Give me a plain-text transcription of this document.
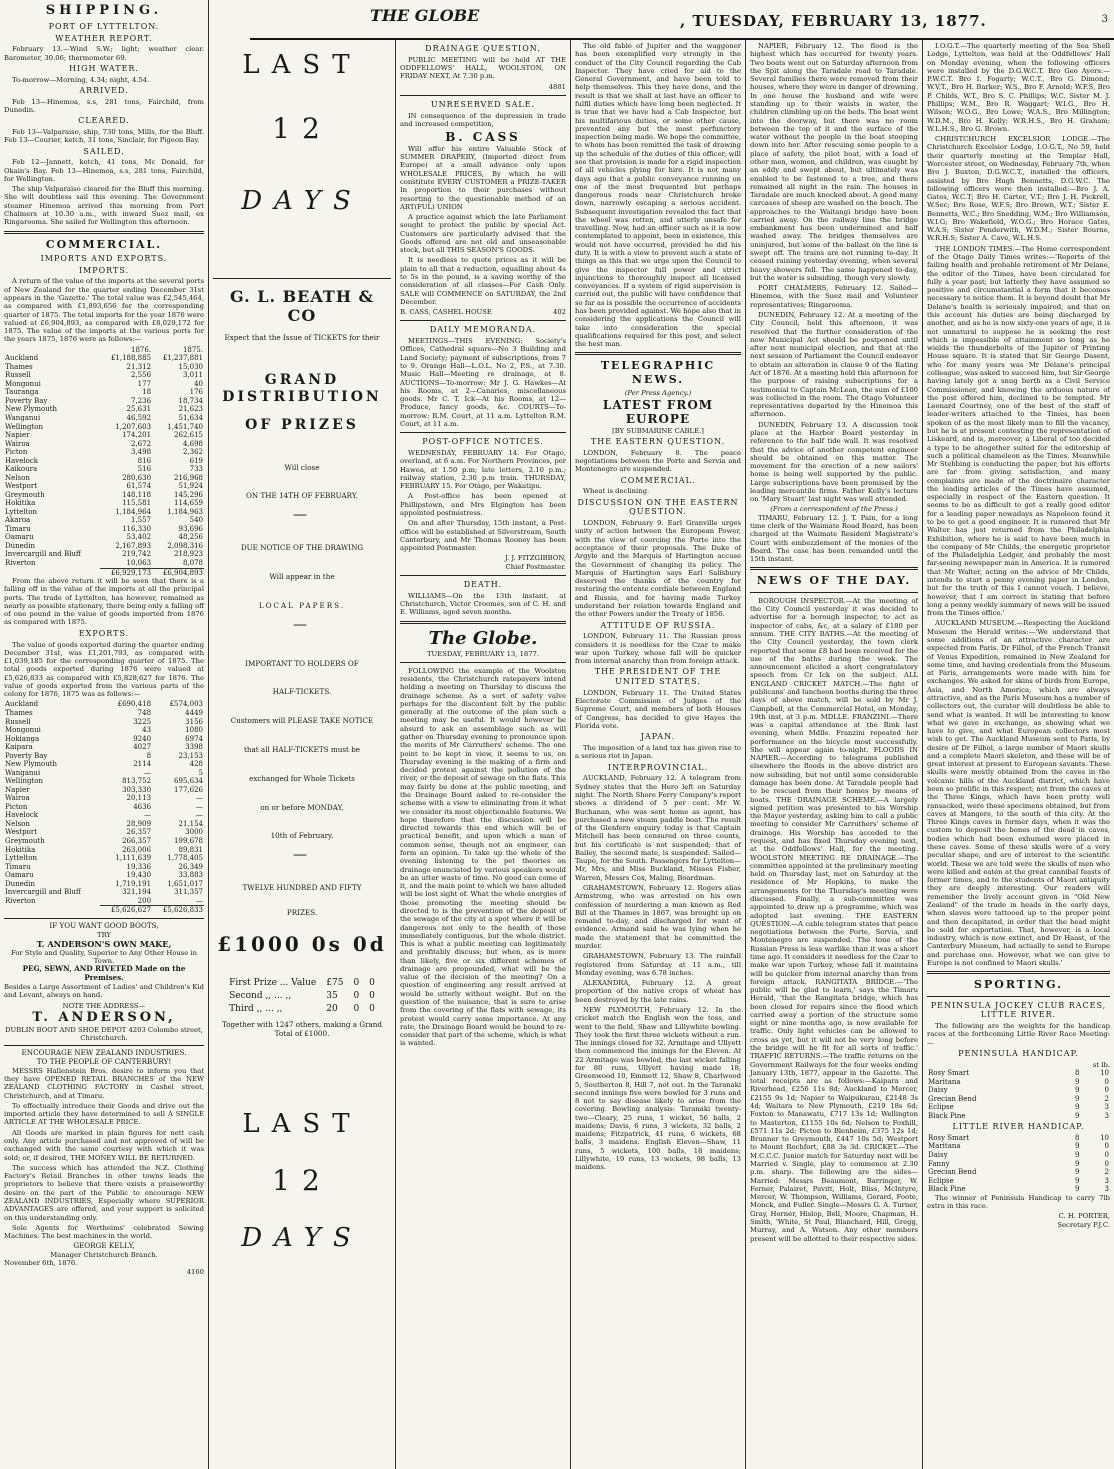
THE GLOBE	, TUESDAY, FEBRUARY 13, 1877.	3
SHIPPING.
PORT OF LYTTELTON.
WEATHER REPORT.
February 13.—Wind S.W.; light; weather clear. Barometer, 30.06; thermometer 69.
HIGH WATER.
To-morrow—Morning, 4.34; night, 4.54.
ARRIVED.
Feb 13—Hinemoa, s.s, 281 tons, Fairchild, from Dunedin.
CLEARED.
Feb 13—Valparaiso, ship, 730 tons, Mills, for the Bluff. Feb 13—Courier, ketch, 31 tons, Sinclair, for Pigeon Bay.
SAILED.
Feb 12—Jannett, ketch, 41 tons, Mc Donald, for Okain's Bay. Feb 13—Hinemoa, s.s, 281 tons, Fairchild, for Wellington.
The ship Valparaiso cleared for the Bluff this morning. She will doubtless sail this evening. The Government steamer Hinemoa arrived this morning from Port Chalmers at 10.30 a.m., with inward Suez mail, ex Ringarooma. She sailed for Wellington this afternoon.
COMMERCIAL.
IMPORTS AND EXPORTS.
IMPORTS.
A return of the value of the imports at the several ports of New Zealand for the quarter ending December 31st appears in the 'Gazette.' The total value was £2,545,464, as compared with £1,893,656 for the corresponding quarter of 1875. The total imports for the year 1876 were valued at £6,904,893, as compared with £8,029,172 for 1875. The value of the imports at the various ports for the years 1875, 1876 were as follows:—
	1876.	1875.
Auckland	£1,188,885	£1,237,881
Thames	21,312	15,030
Russell	2,556	3,011
Mongonui	177	40
Tauranga	18	176
Poverty Bay	7,236	18,734
New Plymouth	25,631	21,623
Wanganui	46,592	51,634
Wellington	1,207,603	1,451,740
Napier	174,201	262,615
Wairoa	2,672	4,698
Picton	3,498	2,362
Havelock	816	619
Kaikoura	516	733
Nelson	280,630	216,968
Westport	61,574	51,924
Greymouth	148,118	145,296
Hokitika	115,581	114,659
Lyttelton	1,184,964	1,184,963
Akaroa	1,557	540
Timaru	116,330	93,696
Oamaru	53,402	48,256
Dunedin	2,167,893	2,098,316
Invercargill and Bluff	219,742	218,923
Riverton	10,063	8,078
	£6,929,173	£6,904,893
From the above return it will be seen that there is a falling off in the value of the imports at all the principal ports. The trade of Lyttelton, has however, remained as nearly as possible stationary, there being only a falling off of one pound in the value of goods imported from 1876 as compared with 1875.
EXPORTS.
The value of goods exported during the quarter ending December 31st, was £1,201,793, as compared with £1,039,185 for the corresponding quarter of 1875. The total goods exported during 1876 were valued at £5,626,833 as compared with £5,828,627 for 1876. The value of goods exported from the various parts of the colony for 1876, 1875 was as follows:—
Auckland	£690,418	£574,003
Thames	748	4449
Russell	3225	3156
Mongonui	43	1080
Hokianga	9240	6974
Kaipara	4027	3398
Poverty Bay	8	23,153
New Plymouth	2114	428
Wanganui	—	5
Wellington	813,752	695,634
Napier	303,330	177,626
Wairoa	20,113	—
Picton	4636	—
Havelock	—	—
Nelson	28,909	21,154
Westport	26,357	3000
Greymouth	266,357	199,678
Hokitika	263,006	89,831
Lyttelton	1,111,639	1,778,405
Timaru	19,336	26,349
Oamaru	19,430	33,883
Dunedin	1,719,191	1,651,017
Invercargill and Bluff	321,194	311,357
Riverton	200	—
	£5,626,627	£5,626,833
IF YOU WANT GOOD BOOTS,
TRY
T. ANDERSON'S OWN MAKE,
For Style and Quality, Superior to Any Other House in Town.
PEG, SEWN, AND RIVETED Made on the Premises.
Besides a Large Assortment of Ladies' and Children's Kid and Levant, always on hand.
NOTE THE ADDRESS—
T. ANDERSON,
DUBLIN BOOT AND SHOE DEPOT 4203 Colombo street, Christchurch.
ENCOURAGE NEW ZEALAND INDUSTRIES.
TO THE PEOPLE OF CANTERBURY!
MESSRS Hallenstein Bros. desire to inform you that they have OPENED RETAIL BRANCHES of the NEW ZEALAND CLOTHING FACTORY in Cashel street, Christchurch, and at Timaru.
To effectually introduce their Goods and drive out the imported article they have determined to sell A SINGLE ARTICLE AT THE WHOLESALE PRICE.
All Goods are marked in plain figures for nett cash only. Any article purchased and not approved of will be exchanged with the same courtesy with which it was sold; or, if desired, THE MONEY WILL BE RETURNED.
The success which has attended the N.Z. Clothing Factory's Retail Branches in other towns leads the proprietors to believe that there exists a praiseworthy desire on the part of the Public to encourage NEW ZEALAND INDUSTRIES, Especially where SUPERIOR ADVANTAGES are offered, and your support is solicited on this understanding only.
Sole Agents for Wertheims' celebrated Sewing Machines. The best machines in the world.
GEORGE KELLY,
Manager Christchurch Branch.
November 6th, 1876.
4160
LAST
12
DAYS
G. L. BEATH & CO
Expect that the Issue of TICKETS for their
GRAND DISTRIBUTION
OF PRIZES
Will close
ON THE 14TH OF FEBRUARY.
—
DUE NOTICE OF THE DRAWING
Will appear in the
LOCAL PAPERS.
—
IMPORTANT TO HOLDERS OF
HALF-TICKETS.
Customers will PLEASE TAKE NOTICE
that all HALF-TICKETS must be
exchanged for Whole Tickets
on or before MONDAY,
10th of February.
—
TWELVE HUNDRED AND FIFTY
PRIZES.
£1000 0s 0d
First Prize ... Value	£75	0	0
Second ,, ... ,,	35	0	0
Third ,, ... ,,	20	0	0
Together with 1247 others, making a Grand Total of £1000.
LAST
12
DAYS
DRAINAGE QUESTION.
PUBLIC MEETING will be held AT THE ODDFELLOWS' HALL, WOOLSTON, ON FRIDAY NEXT, At 7.30 p.m.
4881
UNRESERVED SALE.
IN consequence of the depression in trade and increased competition,
B. CASS
Will offer his entire Valuable Stock of SUMMER DRAPERY, (Imported direct from Europe) at a small advance only upon WHOLESALE PRICES, By which he will constitute EVERY CUSTOMER a PRIZE-TAKER In proportion to their purchases without resorting to the questionable method of an ART(FUL) UNION
A practice against which the late Parliament sought to protect the public by special Act. Customers are particularly advised that the Goods offered are not old and unseasonable stock, but all THIS SEASON'S GOODS.
It is needless to quote prices as it will be plain to all that a reduction, equalling about 4s to 5s in the pound, is a saving worthy of the consideration of all classes—For Cash Only. SALE will COMMENCE on SATURDAY, the 2nd December.
B. CASS, CASHEL HOUSE	402
DAILY MEMORANDA.
MEETINGS—THIS EVENING: Society's Offices, Cathedral square—No 3 Building and Land Society; payment of subscriptions, from 7 to 9. Orange Hall—L.O.L. No 2, P.S., at 7.30. Music Hall—Meeting re drainage, at 8. AUCTIONS—To-morrow: Mr J. G. Hawkes—At his Rooms, at 2—Canaries, miscellaneous goods. Mr C. T. Ick—At his Rooms, at 12—Produce, fancy goods, &c. COURTS—To-morrow: R.M. Court, at 11 a.m. Lyttelton R.M. Court, at 11 a.m.
POST-OFFICE NOTICES.
WEDNESDAY, FEBRUARY 14. For Otago, overland, at 6 a.m. For Northern Provinces, per Hawea, at 1.50 p.m; late letters, 2.10 p.m.; railway station, 2.30 p.m train. THURSDAY, FEBRUARY 15. For Otago, per Wakatipu.
A Post-office has been opened at Phillipstown, and Mrs Elgington has been appointed postmistress.
On and after Thursday, 15th instant, a Post-office will be established at Silverstream, South Canterbury, and Mr Thomas Rooney has been appointed Postmaster.
J. J. FITZGIBBON,
Chief Postmaster.
DEATH.
WILLIAMS—On the 13th instant, at Christchurch, Victor Croomes, son of C. H. and E. Williams, aged seven months.
The Globe.
TUESDAY, FEBRUARY 13, 1877.
FOLLOWING the example of the Woolston residents, the Christchurch ratepayers intend holding a meeting on Thursday to discuss the drainage scheme. As a sort of safety valve perhaps for the discontent felt by the public generally at the outcome of the plan such a meeting may be useful. It would however be absurd to ask an assemblage such as will gather on Thursday evening to pronounce upon the merits of Mr Carruthers' scheme. The one point to be kept in view, it seems to us, on Thursday evening is the making of a firm and decided protest against the pollution of the river, or the deposit of sewage on the flats. This may fairly be done at the public meeting, and the Drainage Board asked to re-consider the scheme with a view to eliminating from it what we consider its most objectionable features. We hope therefore that the discussion will be directed towards this end which will be of practical benefit, and upon which a man of common sense, though not an engineer, can form an opinion. To take up the whole of the evening listening to the pet theories on drainage enunciated by various speakers would be an utter waste of time. No good can come of it, and the main point to which we have alluded will be lost sight of. What the whole energies of those promoting the meeting should be directed to is the prevention of the deposit of the sewage of the city at a spot where it will be dangerous not only to the health of those immediately contiguous, but the whole district. This is what a public meeting can legitimately and profitably discuss; but when, as is more than likely, five or six different schemes of drainage are propounded, what will be the value of the decision of the meeting? On a question of engineering any result arrived at would be utterly without weight. But on the question of the nuisance, that is sure to arise from the covering of the flats with sewage, its protest would carry some importance. At any rate, the Drainage Board would be bound to re-consider that part of the scheme, which is what is wanted.
The old fable of Jupiter and the waggoner has been exemplified very strongly in the conduct of the City Council regarding the Cab Inspector. They have cried for aid to the General Government, and have been told to help themselves. This they have done, and the result is that we shall at last have an officer to fulfil duties which have long been neglected. It is true that we have had a Cab Inspector, but his multifarious duties, or some other cause, prevented any but the most perfunctory inspection being made. We hope the committee, to whom has been remitted the task of drawing up the schedule of the duties of this officer, will see that provision is made for a rigid inspection of all vehicles plying for hire. It is not many days ago that a public conveyance running on one of the most frequented but perhaps dangerous roads near Christchurch broke down, narrowly escaping a serious accident. Subsequent investigation revealed the fact that the wheel was rotten, and utterly unsafe for travelling. Now, had an officer such as it is now contemplated to appoint, been in existence, this would not have occurred, provided he did his duty. It is with a view to prevent such a state of things as this that we urge upon the Council to give the inspector full power and strict injunctions to thoroughly inspect all licensed conveyances. If a system of rigid supervision is carried out, the public will have confidence that so far as is possible the occurrence of accidents has been provided against. We hope also that in considering the applications the Council will take into consideration the special qualifications required for this post, and select the best man.
TELEGRAPHIC NEWS.
(Per Press Agency.)
LATEST FROM EUROPE
[BY SUBMARINE CABLE.]
THE EASTERN QUESTION.
LONDON, February 8. The peace negotiations between the Porte and Servia and Montenegro are suspended.
COMMERCIAL.
Wheat is declining.
DISCUSSION ON THE EASTERN QUESTION.
LONDON, February 9. Earl Granville urges unity of action between the European Power, with the view of coercing the Porte into the acceptance of their proposals. The Duke of Argyle and the Marquis of Hartington accuse the Government of changing its policy. The Marquis of Hartington says Earl Salisbury deserved the thanks of the country for restoring the entente cordiale between England and Russia, and for having made Turkey understand her relation towards England and the other Powers under the Treaty of 1856.
ATTITUDE OF RUSSIA.
LONDON, February 11. The Russian press considers it is needless for the Czar to make war upon Turkey, whose fall will be quicker from internal anarchy than from foreign attack.
THE PRESIDENT OF THE UNITED STATES.
LONDON, February 11. The United States Electorate Commission of Judges of the Supreme Court, and members of both Houses of Congress, has decided to give Hayes the Florida vote.
JAPAN.
The imposition of a land tax has given rise to a serious riot in Japan.
INTERPROVINCIAL.
AUCKLAND, February 12. A telegram from Sydney states that the Hero left on Saturday night. The North Shore Ferry Company's report shows a dividend of 5 per cent. Mr W. Buchanan, who was sent home as agent, has purchased a new steam paddle boat. The result of the Glenfern enquiry today is that Captain Mitchell has been censured on three counts, but his certificate is not suspended; that of Bailey, the second mate, is suspended. Sailed—Taupo, for the South. Passengers for Lyttelton—Mr, Mrs, and Miss Buckland, Misses Fisher, Warren, Messrs Cox, Maling, Boardman.
GRAHAMSTOWN, February 12. Rogers alias Armstrong, who was arrested on his own confession of murdering a man known as Red Bill at the Thames in 1867, was brought up on remand to-day, and discharged for want of evidence. Armand said he was lying when he made the statement that he committed the murder.
GRAHAMSTOWN, February 13. The rainfall registered from Saturday at 11 a.m., till Monday evening, was 6.78 inches.
ALEXANDRA, February 12. A great proportion of the native crops of wheat has been destroyed by the late rains.
NEW PLYMOUTH, February 12. In the cricket match the English won the toss, and went to the field, Shaw and Lillywhite bowling. They took the first three wickets without a run. The innings closed for 32. Armitage and Ullyett then commenced the innings for the Eleven. At 22 Armitage was bowled, the last wicket falling for 80 runs, Ullyett having made 18, Greenwood 10, Emmett 12, Shaw 8, Charlwood 5, Southerton 8, Hill 7, not out. In the Taranaki second innings five were bowled for 3 runs and 8 not to say disease likely to arise from the covering. Bowling analysis: Taranaki twenty-two—Cleary, 25 runs, 1 wicket, 56 balls, 2 maidens; Davis, 6 runs, 3 wickets, 32 balls, 2 maidens; Fitzpatrick, 41 runs, 6 wickets, 68 balls, 3 maidens. English Eleven—Shaw, 11 runs, 5 wickets, 100 balls, 18 maidens; Lillywhite, 19 runs, 13 wickets, 98 balls, 13 maidens.
NAPIER, February 12. The flood is the highest which has occurred for twenty years. Two boats went out on Saturday afternoon from the Spit along the Taradale road to Taradale. Several families there were removed from their houses, where they were in danger of drowning. In one house the husband and wife were standing up to their waists in water, the children climbing up on the beds. The boat went into the doorway, but there was no room between the top of it and the surface of the water without the people in the boat stooping down into her. After rescuing some people to a place of safety, the pilot boat, with a load of other men, women, and children, was caught by an eddy and swept about, but ultimately was enabled to be fastened to a tree, and there remained all night in the rain. The houses in Taradale are much knocked about. A good many carcases of sheep are washed on the beach. The approaches to the Waitangi bridge have been carried away. On the railway line the bridge embankment has been undermined and half washed away. The bridges themselves are uninjured, but some of the ballast on the line is swept off. The trains are not running to-day. It ceased raining yesterday evening, when several heavy showers fell. The same happened to-day, but the water is subsiding, though very slowly.
PORT CHALMERS, February 12. Sailed—Hinemoa, with the Suez mail and Volunteer representatives; Ringarooma.
DUNEDIN, February 12. At a meeting of the City Council, held this afternoon, it was resolved that the further consideration of the new Municipal Act should be postponed until after next municipal election, and that at the next session of Parliament the Council endeavor to obtain an alteration in clause 9 of the Rating Act of 1876. At a meeting held this afternoon for the purpose of raising subscriptions for a testimonial to Captain McLean, the sum of £100 was collected in the room. The Otago Volunteer representatives departed by the Hinemoa this afternoon.
DUNEDIN, February 13. A discussion took place at the Harbor Board yesterday in reference to the half tide wall. It was resolved that the advice of another competent engineer should be obtained on this matter. The movement for the erection of a new sailors' home is being well supported by the public. Large subscriptions have been promised by the leading mercantile firms. Father Kelly's lecture on 'Mary Stuart' last night was well attended.
(From a correspondent of the Press.)
TIMARU, February 12. J. T. Pain, for a long time clerk of the Waimate Road Board, has been charged at the Waimate Resident Magistrate's Court with embezzlement of the monies of the Board. The case has been remanded until the 15th instant.
NEWS OF THE DAY.
BOROUGH INSPECTOR.—At the meeting of the City Council yesterday it was decided to advertise for a borough inspector, to act as inspector of cabs, &c, at a salary of £180 per annum. THE CITY BATHS.—At the meeting of the City Council yesterday, the town clerk reported that some £8 had been received for the use of the baths during the week. The announcement elicited a short congratulatory speech from Cr Ick on the subject. ALL ENGLAND CRICKET MATCH.—The fight of publicans' and luncheon booths during the three days of above match, will be sold by Mr J. Campbell, at the Commercial Hotel, on Monday, 19th inst, at 3 p.m. MDLLE. FRANZINI.—There was a capital attendance at the Rink last evening, when Mdlle. Franzini repeated her performance on the bicycle most successfully. She will appear again to-night. FLOODS IN NAPIER.—According to telegrams published elsewhere the floods in the above district are now subsiding, but not until some considerable damage has been done. At Taradale people had to be rescued from their homes by means of boats. THE DRAINAGE SCHEME.—A largely signed petition was presented to his Worship the Mayor yesterday, asking him to call a public meeting to consider Mr Carruthers' scheme of drainage. His Worship has acceded to the request, and has fixed Thursday evening next, at the Oddfellows' Hall, for the meeting. WOOLSTON MEETING RE DRAINAGE.—The committee appointed at the preliminary meeting held on Thursday last, met on Saturday at the residence of Mr Hopkins, to make the arrangements for the Thursday's meeting were discussed. Finally, a sub-committee was appointed to draw up a programme, which was adopted last evening. THE EASTERN QUESTION.—A cable telegram states that peace negotiations between the Porte, Servia, and Montenegro are suspended. The tone of the Russian Press is less warlike than it was a short time ago. It considers it needless for the Czar to make war upon Turkey, whose fall it maintains will be quicker from internal anarchy than from foreign attack. RANGITATA BRIDGE.—'The public will be glad to learn,' says the Timaru Herald, 'that the Rangitata bridge, which has been closed for repairs since the flood which carried away a portion of the structure some eight or nine months ago, is now available for traffic. Only light vehicles can be allowed to cross as yet, but it will not be very long before the bridge will be fit for all sorts of traffic.' TRAFFIC RETURNS.—The traffic returns on the Government Railways for the four weeks ending January 13th, 1877, appear in the Gazette. The total receipts are as follows:—Kaipara and Riverhead, £256 11s 8d; Auckland to Mercer, £2155 9s 1d; Napier to Waipukurau, £2148 3s 4d; Waitara to New Plymouth, £219 18s 6d; Foxton to Manawatu, £717 13s 1d; Wellington to Masterton, £1155 10s 6d; Nelson to Foxhill, £571 11s 2d; Picton to Blenheim, £375 12s 1d; Brunner to Greymouth, £447 10s 5d; Westport to Mount Rochfort, £88 3s 3d. CRICKET.—The M.C.C.C. Junior match for Saturday next will be Married v. Single, play to commence at 2.30 p.m. sharp. The following are the sides—Married: Messrs Beaumont, Barringer, W. Ferner, Palairet, Pavitt, Holt, Bliss, McIntyre, Mercer, W. Thompson, Williams, Gerard, Foote, Monck, and Fuller. Single—Messrs G. A. Turner, Gray, Horner, Hislop, Bell, Moore, Chapman, H. Smith, 'White, St Paul, Blanchard, Hill, Gregg, Murray, and A. Watson. Any other members present will be allotted to their respective sides.
I.O.G.T.—The quarterly meeting of the Sea Shell Lodge, Lyttelton, was held at the Oddfellows' Hall on Monday evening, when the following officers were installed by the D.G.W.C.T. Bro Geo Ayers:—P.W.C.T. Bro I. Fogarty; W.C.T., Bro G. Dimond; W.V.T., Bro H. Barker; W.S., Bro F. Arnold; W.F.S, Bro P. Childs, W.T., Bro S. C. Phillips; W.C. Sister M. J. Phillips; W.M., Bro R. Waggart; W.I.G., Bro H. Wilson; W.O.G., Bro Lowe; W.A.S., Bro Millington; W.D.M., Bro H. Kelly; W.R.H.S., Bro H. Graham; W.L.H.S., Bro G. Brown.
CHRISTCHURCH EXCELSIOR LODGE.—The Christchurch Excelsior Lodge, I.O.G.T., No 59, held their quarterly meeting at the Templar Hall, Worcester street, on Wednesday, February 7th, when Bro J. Buxton, D.G.W.C.T., installed the officers, assisted by Bro Hugh Bennetts, D.G.W.C. The following officers were then installed:—Bro J. A. Gates, W.C.T; Bro H. Carter, V.T.; Bro J. H. Pickrell, W.Sec; Bro Rose, W.F.S; Bro Brown, W.T.; Sister E. Bennetts, W.C.; Bro Snedding, W.M.; Bro Williamson, W.I.G; Bro Wakefield, W.O.G.; Bro Horace Gates, W.A.S; Sister Penderwith, W.D.M.; Sister Bourne, W.R.H.S; Sister A. Cave, W.L.H.S.
THE LONDON TIMES.—The Home correspondent of the Otago Daily Times writes:—'Reports of the failing health and probable retirement of Mr Delane, the editor of the Times, have been circulated for fully a year past; but latterly they have assumed so positive and circumstantial a form that it becomes necessary to notice them. It is beyond doubt that Mr Delane's health is seriously impaired, and that on this account his duties are being discharged by another, and as he is now sixty-one years of age, it is not unnatural to suppose he is seeking the rest which is impossible of attainment so long as he wields the thunderbolts of the Jupiter of Printing House square. It is stated that Sir George Dasent, who for many years was Mr Delane's principal colleague, was asked to succeed him, but Sir George having lately got a snug berth as a Civil Service Commissioner, and knowing the arduous nature of the post offered him, declined to be tempted. Mr Leonard Courtney, one of the best of the staff of leader-writers attached to the Times, has been spoken of as the most likely man to fill the vacancy, but he is at present contesting the representation of Liskeard, and is, moreover, a Liberal of too decided a type to be altogether suited for the editorship of such a political chameleon as the Times. Meanwhile Mr Stebbing is conducting the paper, but his efforts are far from giving satisfaction, and many complaints are made of the doctrinaire character the leading articles of the Times have assumed, especially in respect of the Eastern question. It seems to be as difficult to get a really good editor for a leading paper nowadays as Napoleon found it to be to get a good engineer. It is rumored that Mr Walter has just returned from the Philadelphia Exhibition, where he is said to have been much in the company of Mr Childs, the energetic proprietor of the Philadelphia Ledger, and probably the most far-seeing newspaper man in America. It is rumored that Mr Walter, acting on the advice of Mr Childs, intends to start a penny evening paper in London, but for the truth of this I cannot vouch. I believe, however, that I am correct in stating that before long a penny weekly summary of news will be issued from the Times office.'
AUCKLAND MUSEUM.—Respecting the Auckland Museum the Herald writes:—'We understand that some additions of an attractive character are expected from Paris. Dr Filhol, of the French Transit of Venus Expedition, remained in New Zealand for some time, and having credentials from the Museum at Paris, arrangements were made with him for exchanges. We asked for skins of birds from Europe, Asia, and North America, which are always attractive, and as the Paris Museum has a number of collectors out, the curator will doubtless be able to send what is wanted. It will be interesting to know what we gave in exchange, as showing what we have to give, and what European collectors most wish to get. The Auckland Museum sent to Paris, by desire of Dr Filhol, a large number of Maori skulls and a complete Maori skeleton, and these will be of great interest at present to European savants. These skulls were mostly obtained from the caves in the volcanic hills of the Auckland district, which have been so prolific in this respect; not from the caves at the Three Kings, which have been pretty well ransacked, were these specimens obtained, but from caves at Mangere, to the south of this city. At the Three Kings caves in former days, when it was the custom to deposit the bones of the dead in caves, bodies which had been exhumed were placed in these caves. Some of these skulls were of a very peculiar shape, and are of interest to the scientific world. These we are told were the skulls of men who were killed and eaten at the great cannibal feasts of former times, and to the students of Maori antiquity they are deeply interesting. Our readers will remember the lively account given in "Old New Zealand" of the trade in heads in the early days, when slaves were tattooed up to the proper point and then decapitated, in order that the head might be sold for exportation. That, however, is a local industry, which is now extinct, and Dr Haast, of the Canterbury Museum, had actually to send to Europe and purchase one. However, what we can give to Europe is not confined to Maori skulls.'
SPORTING.
PENINSULA JOCKEY CLUB RACES, LITTLE RIVER.
The following are the weights for the handicap races at the forthcoming Little River Race Meeting:—
PENINSULA HANDICAP.
st lb.
Rosy Smart	8	10
Maritana	9	0
Daisy	9	0
Grecian Bend	9	2
Eclipse	9	3
Black Pine	9	3
LITTLE RIVER HANDICAP.
Rosy Smart	8	10
Maritana	9	0
Daisy	9	0
Fanny	9	0
Grecian Bend	9	2
Eclipse	9	3
Black Pine	9	3
The winner of Peninsula Handicap to carry 7lb extra in this race.
C. H. PORTER,
Secretary P.J.C.
